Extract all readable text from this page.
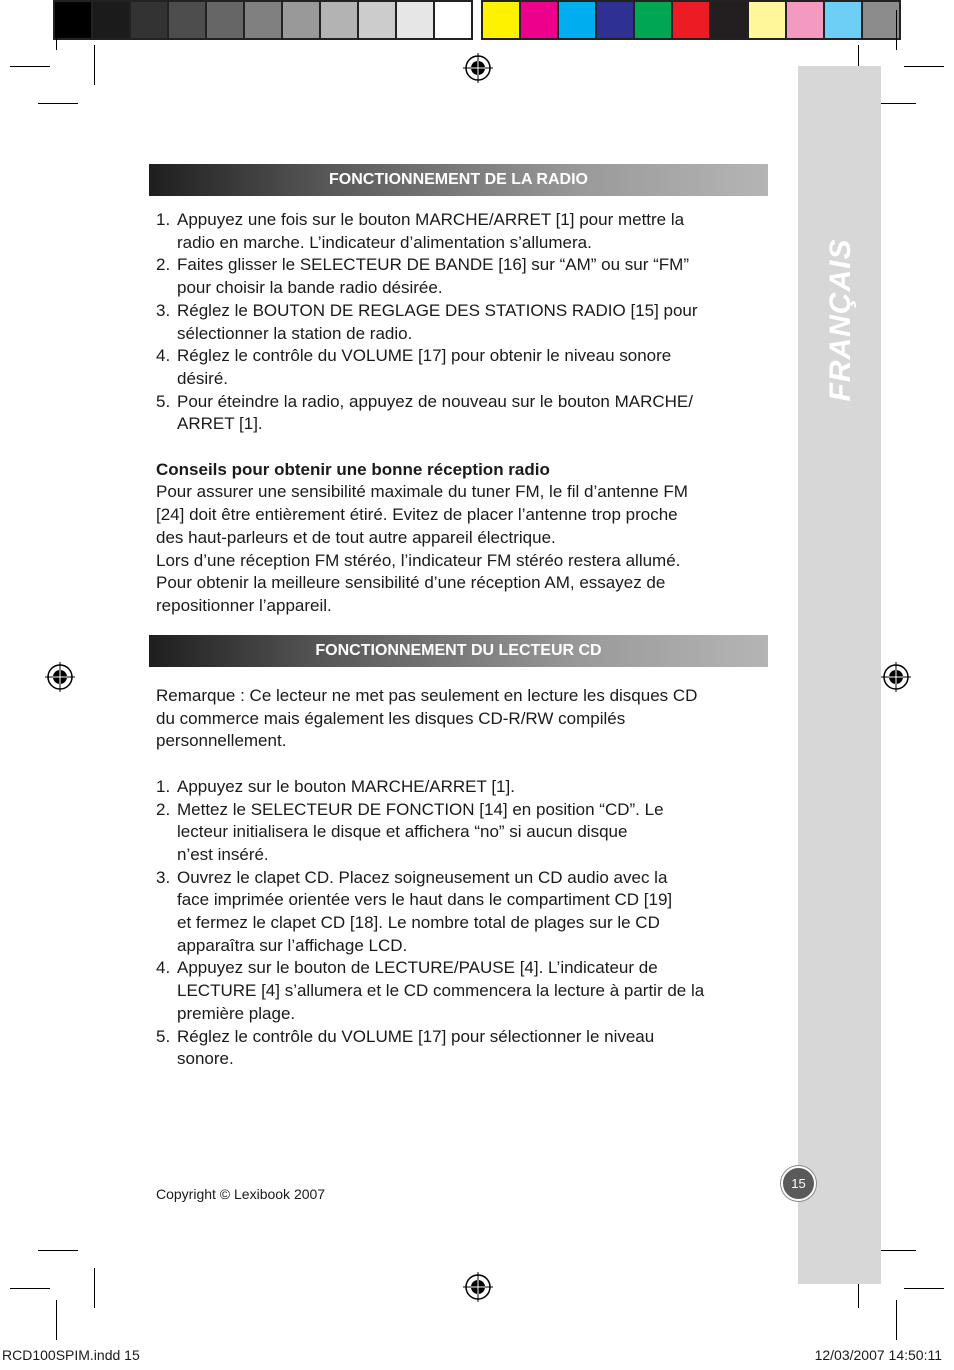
FRANÇAIS
FONCTIONNEMENT DE LA RADIO
1. Appuyez une fois sur le bouton MARCHE/ARRET [1] pour mettre la
radio en marche. L’indicateur d’alimentation s’allumera.
2. Faites glisser le SELECTEUR DE BANDE [16] sur “AM” ou sur “FM”
pour choisir la bande radio désirée.
3. Réglez le BOUTON DE REGLAGE DES STATIONS RADIO [15] pour
sélectionner la station de radio.
4. Réglez le contrôle du VOLUME [17] pour obtenir le niveau sonore
désiré.
5. Pour éteindre la radio, appuyez de nouveau sur le bouton MARCHE/
ARRET [1].

Conseils pour obtenir une bonne réception radio

Pour assurer une sensibilité maximale du tuner FM, le fil d’antenne FM
[24] doit être entièrement étiré. Evitez de placer l’antenne trop proche
des haut-parleurs et de tout autre appareil électrique.
Lors d’une réception FM stéréo, l’indicateur FM stéréo restera allumé.
Pour obtenir la meilleure sensibilité d’une réception AM, essayez de
repositionner l’appareil.

FONCTIONNEMENT DU LECTEUR CD

Remarque : Ce lecteur ne met pas seulement en lecture les disques CD
du commerce mais également les disques CD-R/RW compilés
personnellement.

1. Appuyez sur le bouton MARCHE/ARRET [1].
2. Mettez le SELECTEUR DE FONCTION [14] en position “CD”. Le
lecteur initialisera le disque et affichera “no” si aucun disque
n’est inséré.
3. Ouvrez le clapet CD. Placez soigneusement un CD audio avec la
face imprimée orientée vers le haut dans le compartiment CD [19]
et fermez le clapet CD [18]. Le nombre total de plages sur le CD
apparaîtra sur l’affichage LCD.
4. Appuyez sur le bouton de LECTURE/PAUSE [4]. L’indicateur de
LECTURE [4] s’allumera et le CD commencera la lecture à partir de la
première plage.
5. Réglez le contrôle du VOLUME [17] pour sélectionner le niveau
sonore.
Copyright © Lexibook 2007
15
RCD100SPIM.indd 15	12/03/2007 14:50:11
